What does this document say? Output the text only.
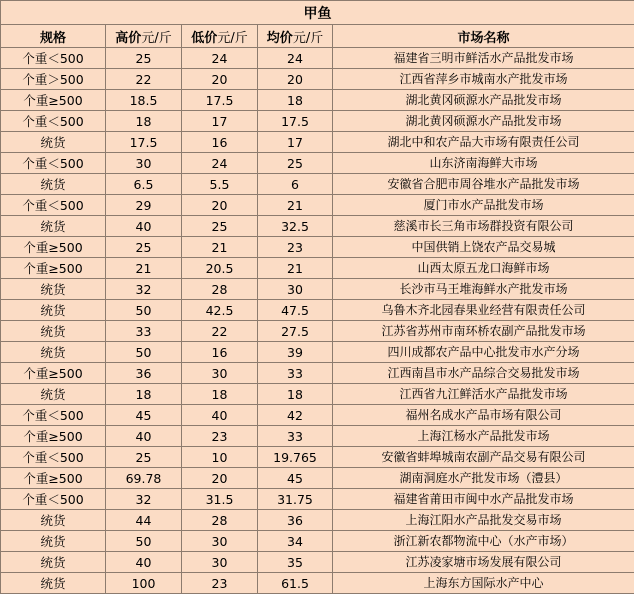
甲鱼				
规格	高价元/斤	低价元/斤	均价元/斤	市场名称
个重＜500	25	24	24	福建省三明市鲜活水产品批发市场
个重＞500	22	20	20	江西省萍乡市城南水产批发市场
个重≥500	18.5	17.5	18	湖北黄冈硕源水产品批发市场
个重＜500	18	17	17.5	湖北黄冈硕源水产品批发市场
统货	17.5	16	17	湖北中和农产品大市场有限责任公司
个重＜500	30	24	25	山东济南海鲜大市场
统货	6.5	5.5	6	安徽省合肥市周谷堆水产品批发市场
个重＜500	29	20	21	厦门市水产品批发市场
统货	40	25	32.5	慈溪市长三角市场群投资有限公司
个重≥500	25	21	23	中国供销上饶农产品交易城
个重≥500	21	20.5	21	山西太原五龙口海鲜市场
统货	32	28	30	长沙市马王堆海鲜水产批发市场
统货	50	42.5	47.5	乌鲁木齐北园春果业经营有限责任公司
统货	33	22	27.5	江苏省苏州市南环桥农副产品批发市场
统货	50	16	39	四川成都农产品中心批发市水产分场
个重≥500	36	30	33	江西南昌市水产品综合交易批发市场
统货	18	18	18	江西省九江鲜活水产品批发市场
个重＜500	45	40	42	福州名成水产品市场有限公司
个重≥500	40	23	33	上海江杨水产品批发市场
个重＜500	25	10	19.765	安徽省蚌埠城南农副产品交易有限公司
个重≥500	69.78	20	45	湖南洞庭水产批发市场（澧县）
个重＜500	32	31.5	31.75	福建省莆田市闽中水产品批发市场
统货	44	28	36	上海江阳水产品批发交易市场
统货	50	30	34	浙江新农都物流中心（水产市场）
统货	40	30	35	江苏凌家塘市场发展有限公司
统货	100	23	61.5	上海东方国际水产中心
